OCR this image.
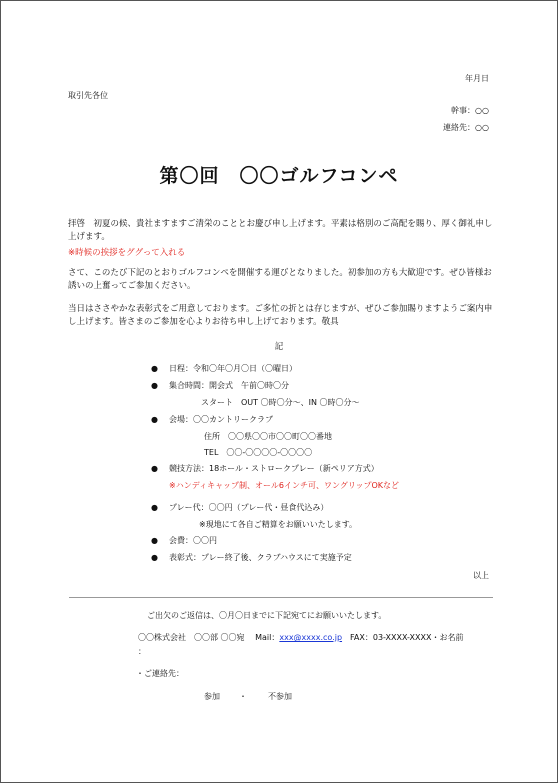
年月日
取引先各位
幹事：○○
連絡先：○○
第〇回　〇〇ゴルフコンペ
拝啓　初夏の候、貴社ますますご清栄のこととお慶び申し上げます。平素は格別のご高配を賜り、厚く御礼申し上げます。
※時候の挨拶をググって入れる
さて、このたび下記のとおりゴルフコンペを開催する運びとなりました。初参加の方も大歓迎です。ぜひ皆様お誘いの上奮ってご参加ください。
当日はささやかな表彰式をご用意しております。ご多忙の折とは存じますが、ぜひご参加賜りますようご案内申し上げます。皆さまのご参加を心よりお待ち申し上げております。敬具
記
● 日程：令和〇年〇月〇日（〇曜日）
● 集合時間：開会式　午前〇時〇分
スタート　OUT 〇時〇分～、IN 〇時〇分～
● 会場：〇〇カントリークラブ
住所　〇〇県〇〇市〇〇町〇〇番地
TEL　〇〇-〇〇〇〇-〇〇〇〇
● 競技方法：18ホール・ストロークプレー（新ペリア方式）
※ハンディキャップ制、オール6インチ可、ワングリップOKなど
● プレー代：〇〇円（プレー代・昼食代込み）
※現地にて各自ご精算をお願いいたします。
● 会費：〇〇円
● 表彰式：プレー終了後、クラブハウスにて実施予定
以上
ご出欠のご返信は、〇月〇日までに下記宛てにお願いいたします。
〇〇株式会社　〇〇部 〇〇宛　 Mail：xxx@xxxx.co.jp　FAX：03-XXXX-XXXX・お名前
：
・ご連絡先：
参加 ・	不参加
